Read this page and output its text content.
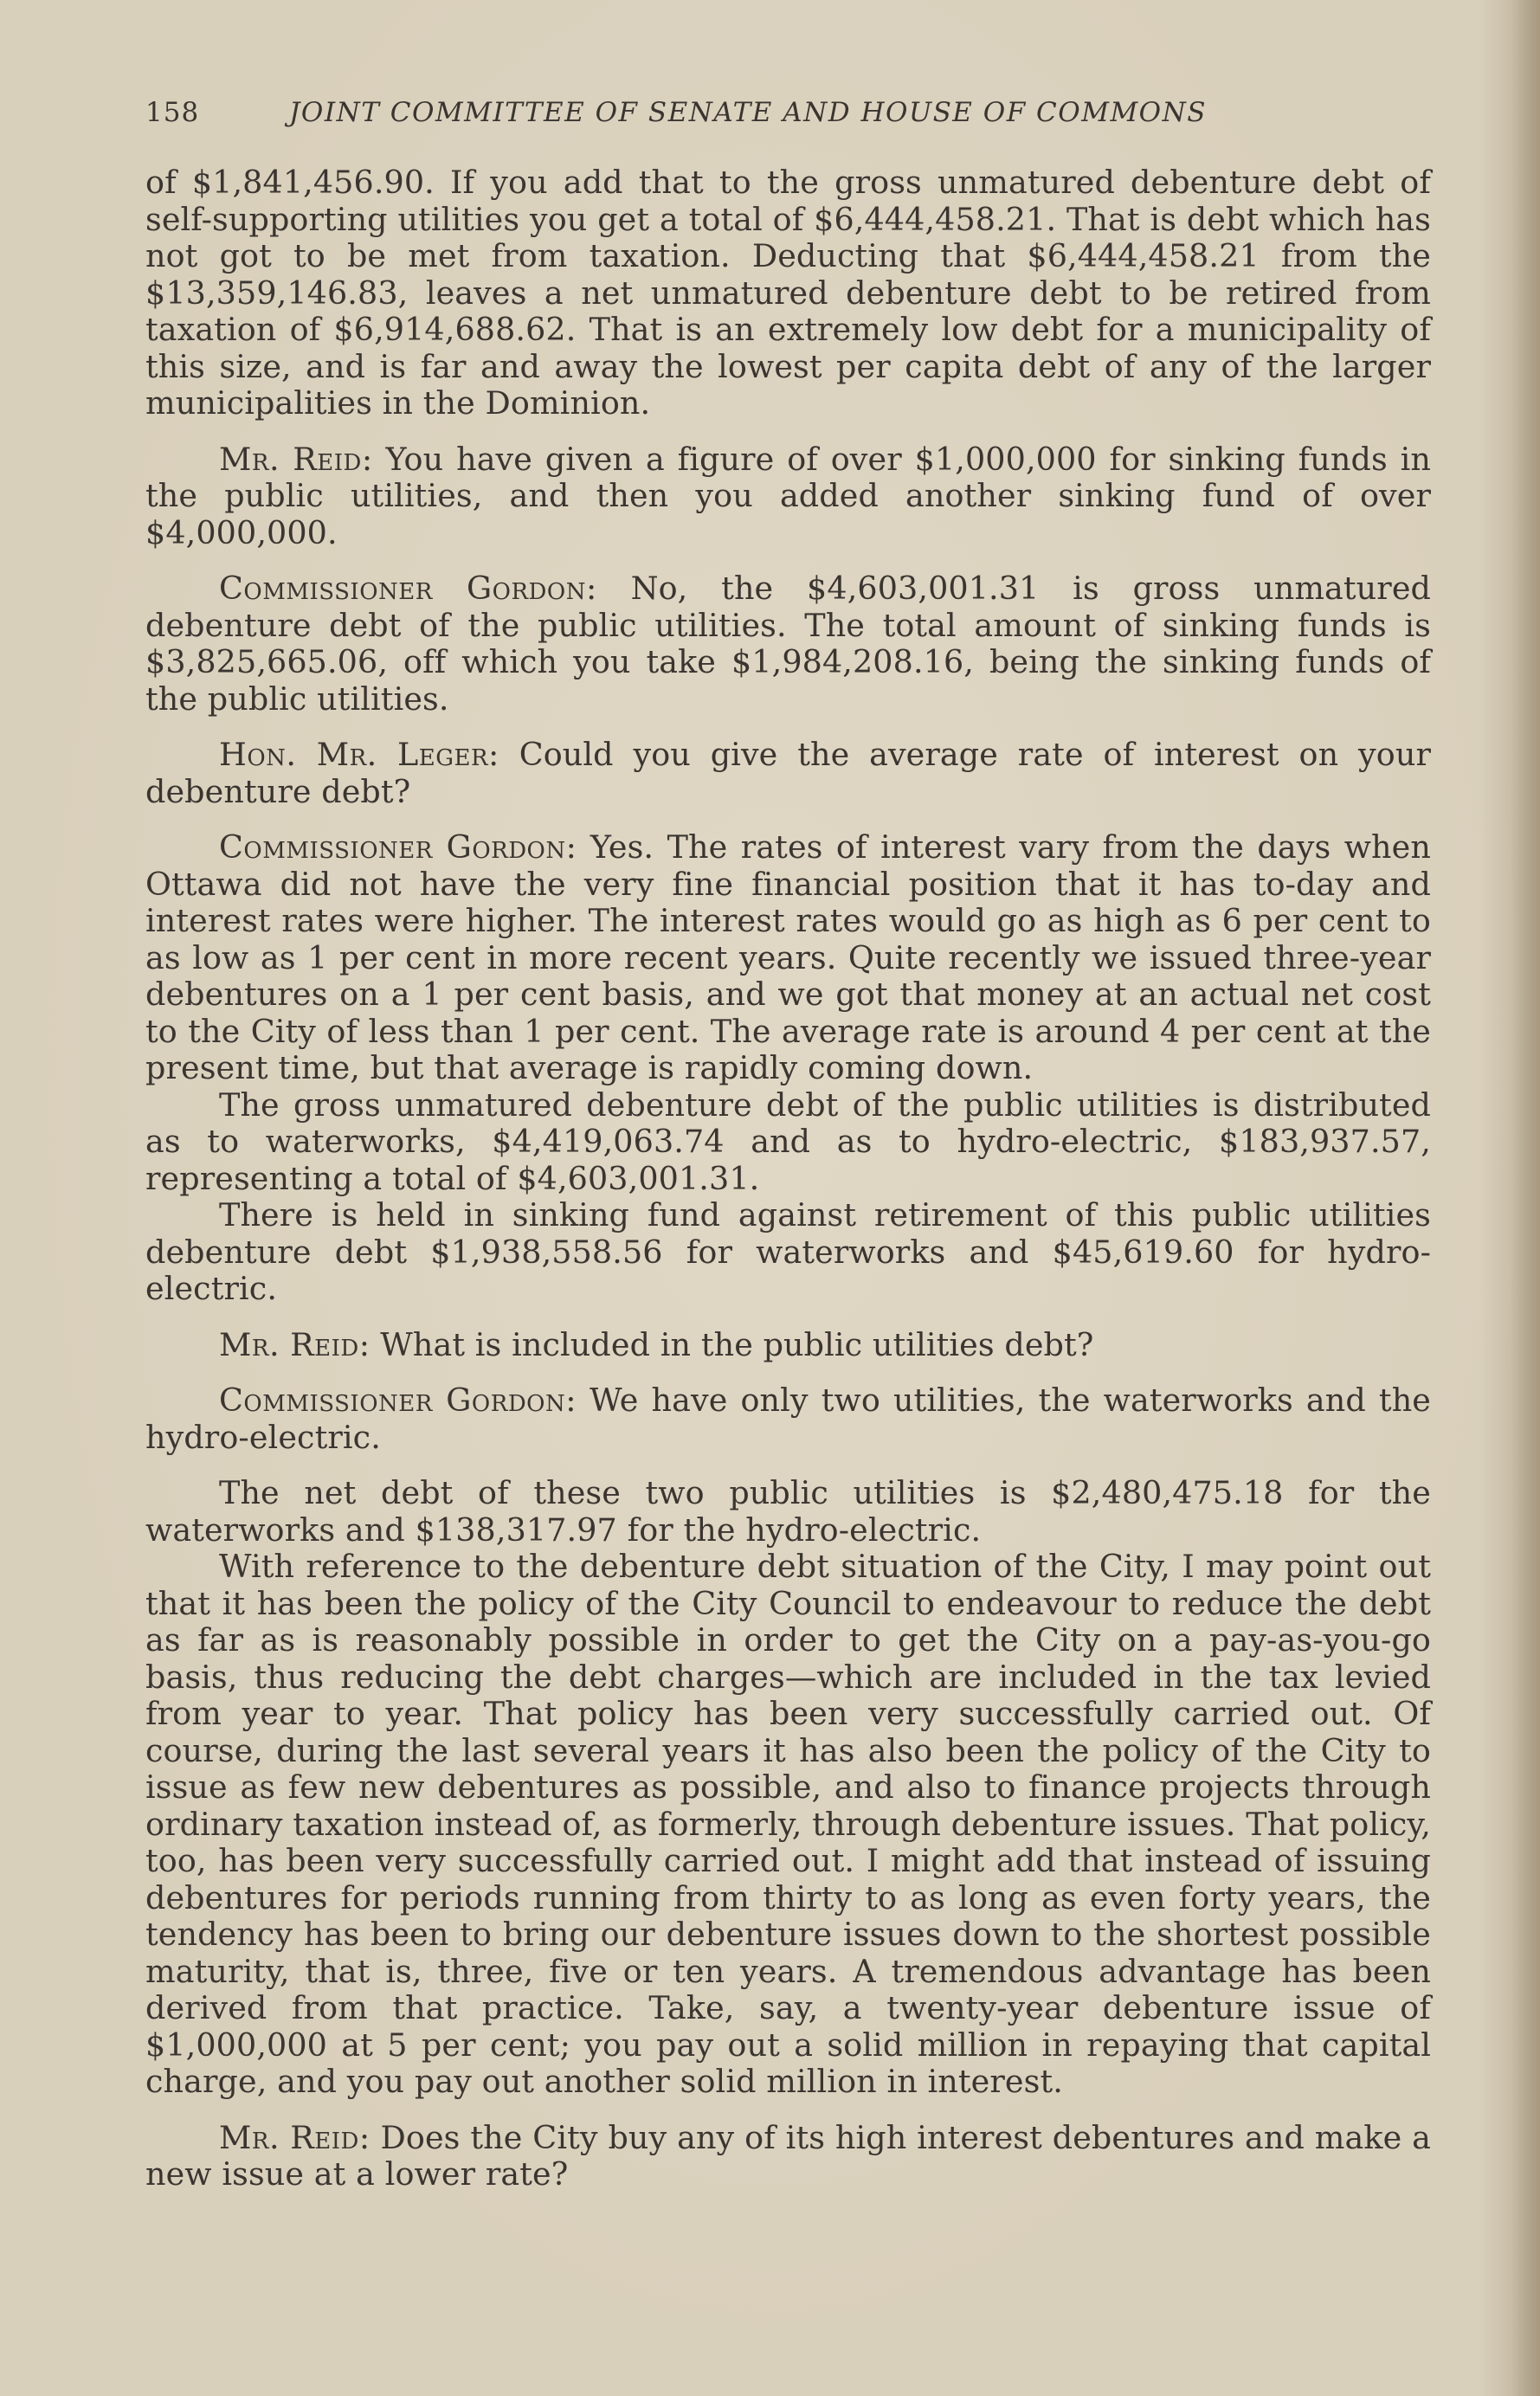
158	JOINT COMMITTEE OF SENATE AND HOUSE OF COMMONS

of $1,841,456.90. If you add that to the gross unmatured debenture debt of self-supporting utilities you get a total of $6,444,458.21. That is debt which has not got to be met from taxation. Deducting that $6,444,458.21 from the $13,359,146.83, leaves a net unmatured debenture debt to be retired from taxation of $6,914,688.62. That is an extremely low debt for a municipality of this size, and is far and away the lowest per capita debt of any of the larger municipalities in the Dominion.

Mr. Reid: You have given a figure of over $1,000,000 for sinking funds in the public utilities, and then you added another sinking fund of over $4,000,000.

Commissioner Gordon: No, the $4,603,001.31 is gross unmatured debenture debt of the public utilities. The total amount of sinking funds is $3,825,665.06, off which you take $1,984,208.16, being the sinking funds of the public utilities.

Hon. Mr. Leger: Could you give the average rate of interest on your debenture debt?

Commissioner Gordon: Yes. The rates of interest vary from the days when Ottawa did not have the very fine financial position that it has to-day and interest rates were higher. The interest rates would go as high as 6 per cent to as low as 1 per cent in more recent years. Quite recently we issued three-year debentures on a 1 per cent basis, and we got that money at an actual net cost to the City of less than 1 per cent. The average rate is around 4 per cent at the present time, but that average is rapidly coming down.

The gross unmatured debenture debt of the public utilities is distributed as to waterworks, $4,419,063.74 and as to hydro-electric, $183,937.57, representing a total of $4,603,001.31.

There is held in sinking fund against retirement of this public utilities debenture debt $1,938,558.56 for waterworks and $45,619.60 for hydro-electric.

Mr. Reid: What is included in the public utilities debt?

Commissioner Gordon: We have only two utilities, the waterworks and the hydro-electric.

The net debt of these two public utilities is $2,480,475.18 for the waterworks and $138,317.97 for the hydro-electric.

With reference to the debenture debt situation of the City, I may point out that it has been the policy of the City Council to endeavour to reduce the debt as far as is reasonably possible in order to get the City on a pay-as-you-go basis, thus reducing the debt charges—which are included in the tax levied from year to year. That policy has been very successfully carried out. Of course, during the last several years it has also been the policy of the City to issue as few new debentures as possible, and also to finance projects through ordinary taxation instead of, as formerly, through debenture issues. That policy, too, has been very successfully carried out. I might add that instead of issuing debentures for periods running from thirty to as long as even forty years, the tendency has been to bring our debenture issues down to the shortest possible maturity, that is, three, five or ten years. A tremendous advantage has been derived from that practice. Take, say, a twenty-year debenture issue of $1,000,000 at 5 per cent; you pay out a solid million in repaying that capital charge, and you pay out another solid million in interest.

Mr. Reid: Does the City buy any of its high interest debentures and make a new issue at a lower rate?
